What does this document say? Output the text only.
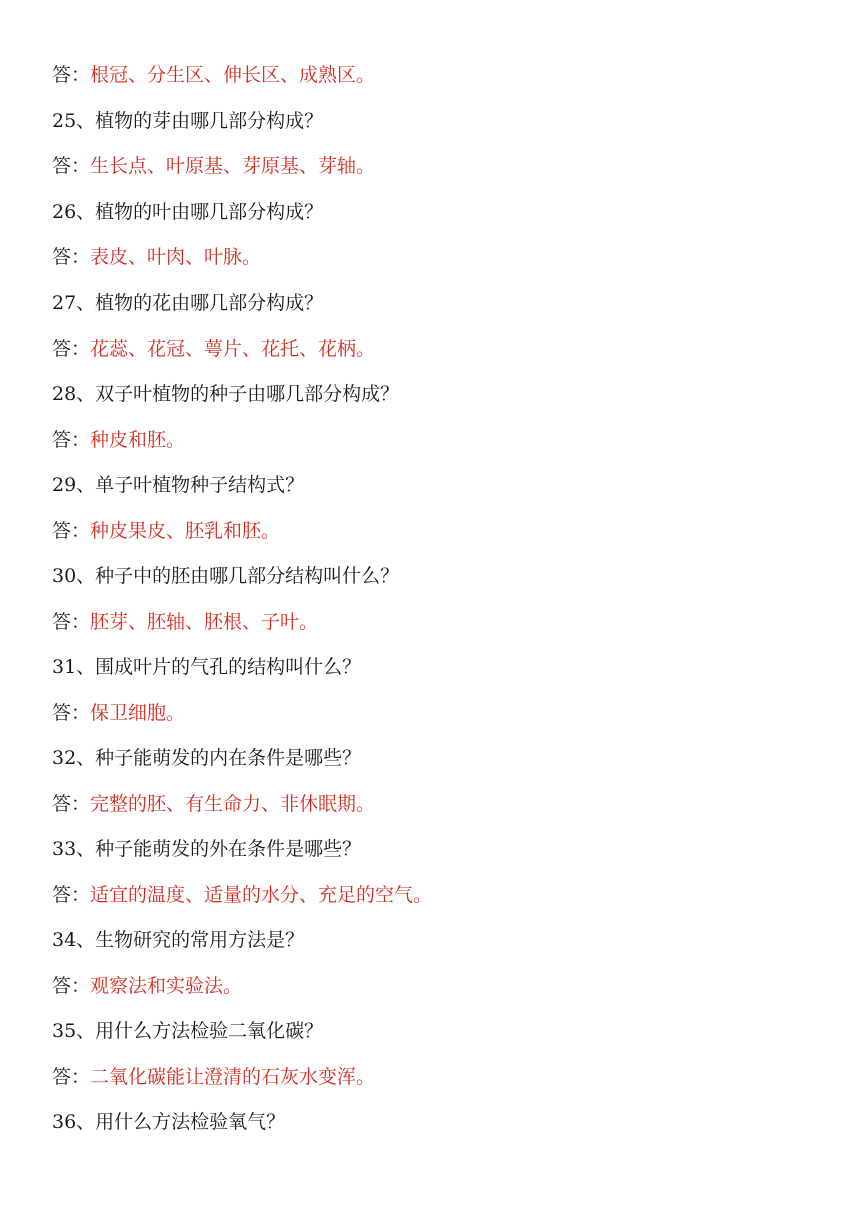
答：根冠、分生区、伸长区、成熟区。
25、植物的芽由哪几部分构成？
答：生长点、叶原基、芽原基、芽轴。
26、植物的叶由哪几部分构成？
答：表皮、叶肉、叶脉。
27、植物的花由哪几部分构成？
答：花蕊、花冠、萼片、花托、花柄。
28、双子叶植物的种子由哪几部分构成？
答：种皮和胚。
29、单子叶植物种子结构式？
答：种皮果皮、胚乳和胚。
30、种子中的胚由哪几部分结构叫什么？
答：胚芽、胚轴、胚根、子叶。
31、围成叶片的气孔的结构叫什么？
答：保卫细胞。
32、种子能萌发的内在条件是哪些？
答：完整的胚、有生命力、非休眠期。
33、种子能萌发的外在条件是哪些？
答：适宜的温度、适量的水分、充足的空气。
34、生物研究的常用方法是？
答：观察法和实验法。
35、用什么方法检验二氧化碳？
答：二氧化碳能让澄清的石灰水变浑。
36、用什么方法检验氧气？
